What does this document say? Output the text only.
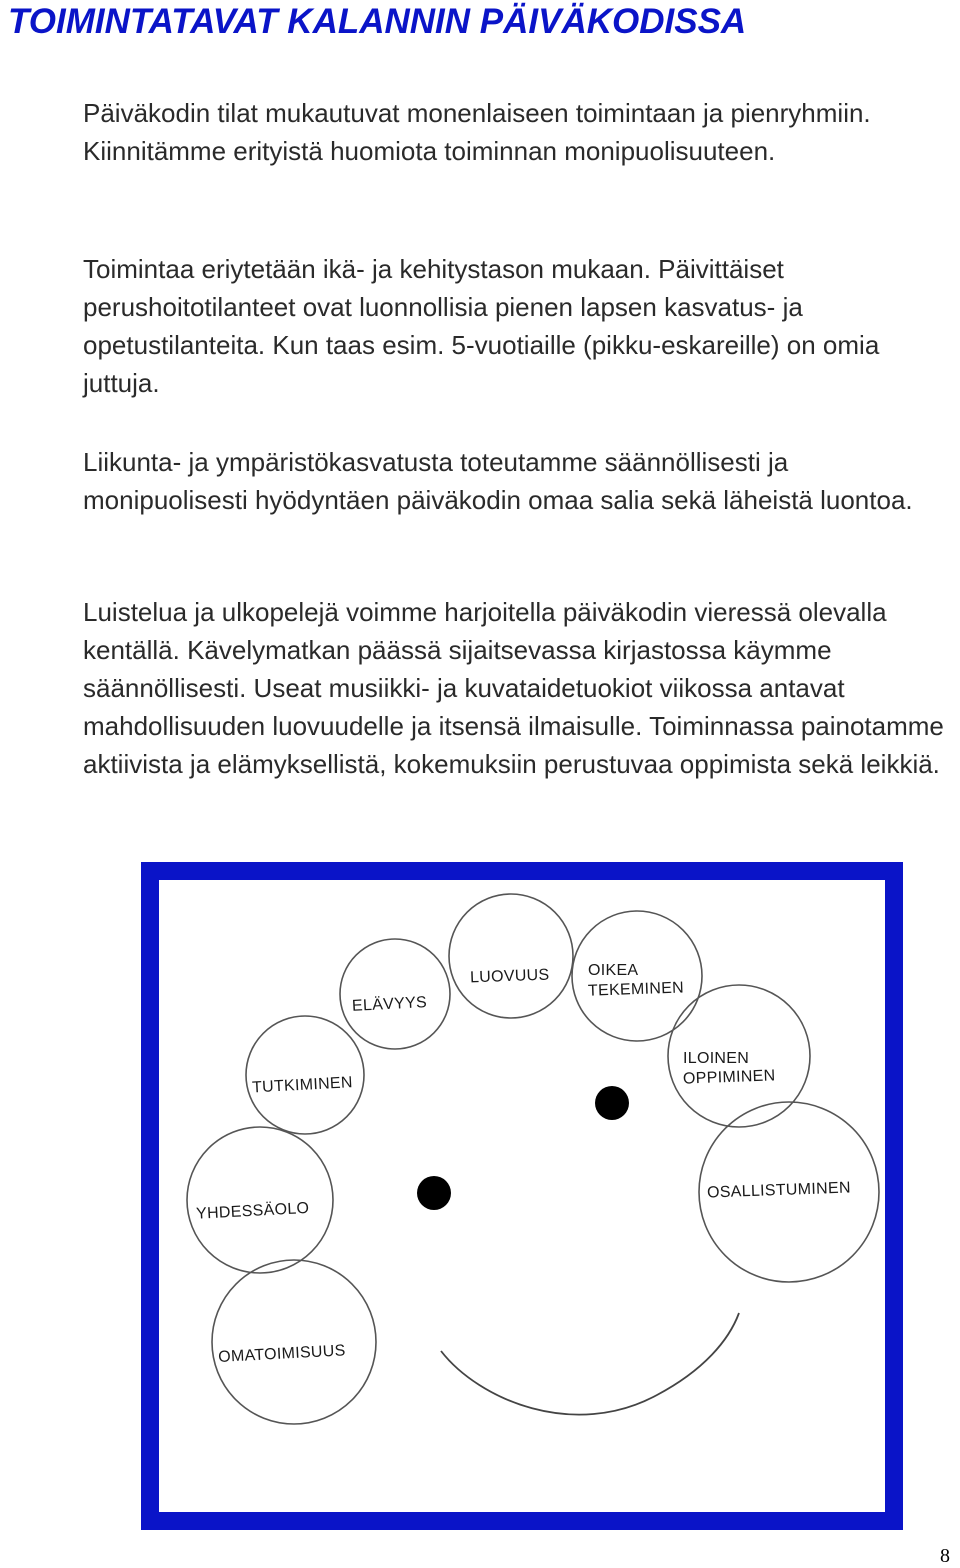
TOIMINTATAVAT KALANNIN PÄIVÄKODISSA

Päiväkodin tilat mukautuvat monenlaiseen toimintaan ja pienryhmiin. Kiinnitämme erityistä huomiota toiminnan monipuolisuuteen.

Toimintaa eriytetään ikä- ja kehitystason mukaan. Päivittäiset perushoitotilanteet ovat luonnollisia pienen lapsen kasvatus- ja opetustilanteita. Kun taas esim. 5-vuotiaille (pikku-eskareille) on omia juttuja.

Liikunta- ja ympäristökasvatusta toteutamme säännöllisesti ja monipuolisesti hyödyntäen päiväkodin omaa salia sekä läheistä luontoa.

Luistelua ja ulkopelejä voimme harjoitella päiväkodin vieressä olevalla kentällä. Kävelymatkan päässä sijaitsevassa kirjastossa käymme säännöllisesti. Useat musiikki- ja kuvataidetuokiot viikossa antavat mahdollisuuden luovuudelle ja itsensä ilmaisulle. Toiminnassa painotamme aktiivista ja elämyksellistä, kokemuksiin perustuvaa oppimista sekä leikkiä.

OMATOIMISUUS
YHDESSÄOLO
TUTKIMINEN
ELÄVYYS
LUOVUUS OIKEA
TEKEMINEN
ILOINEN
OPPIMINEN
OSALLISTUMINEN
8
